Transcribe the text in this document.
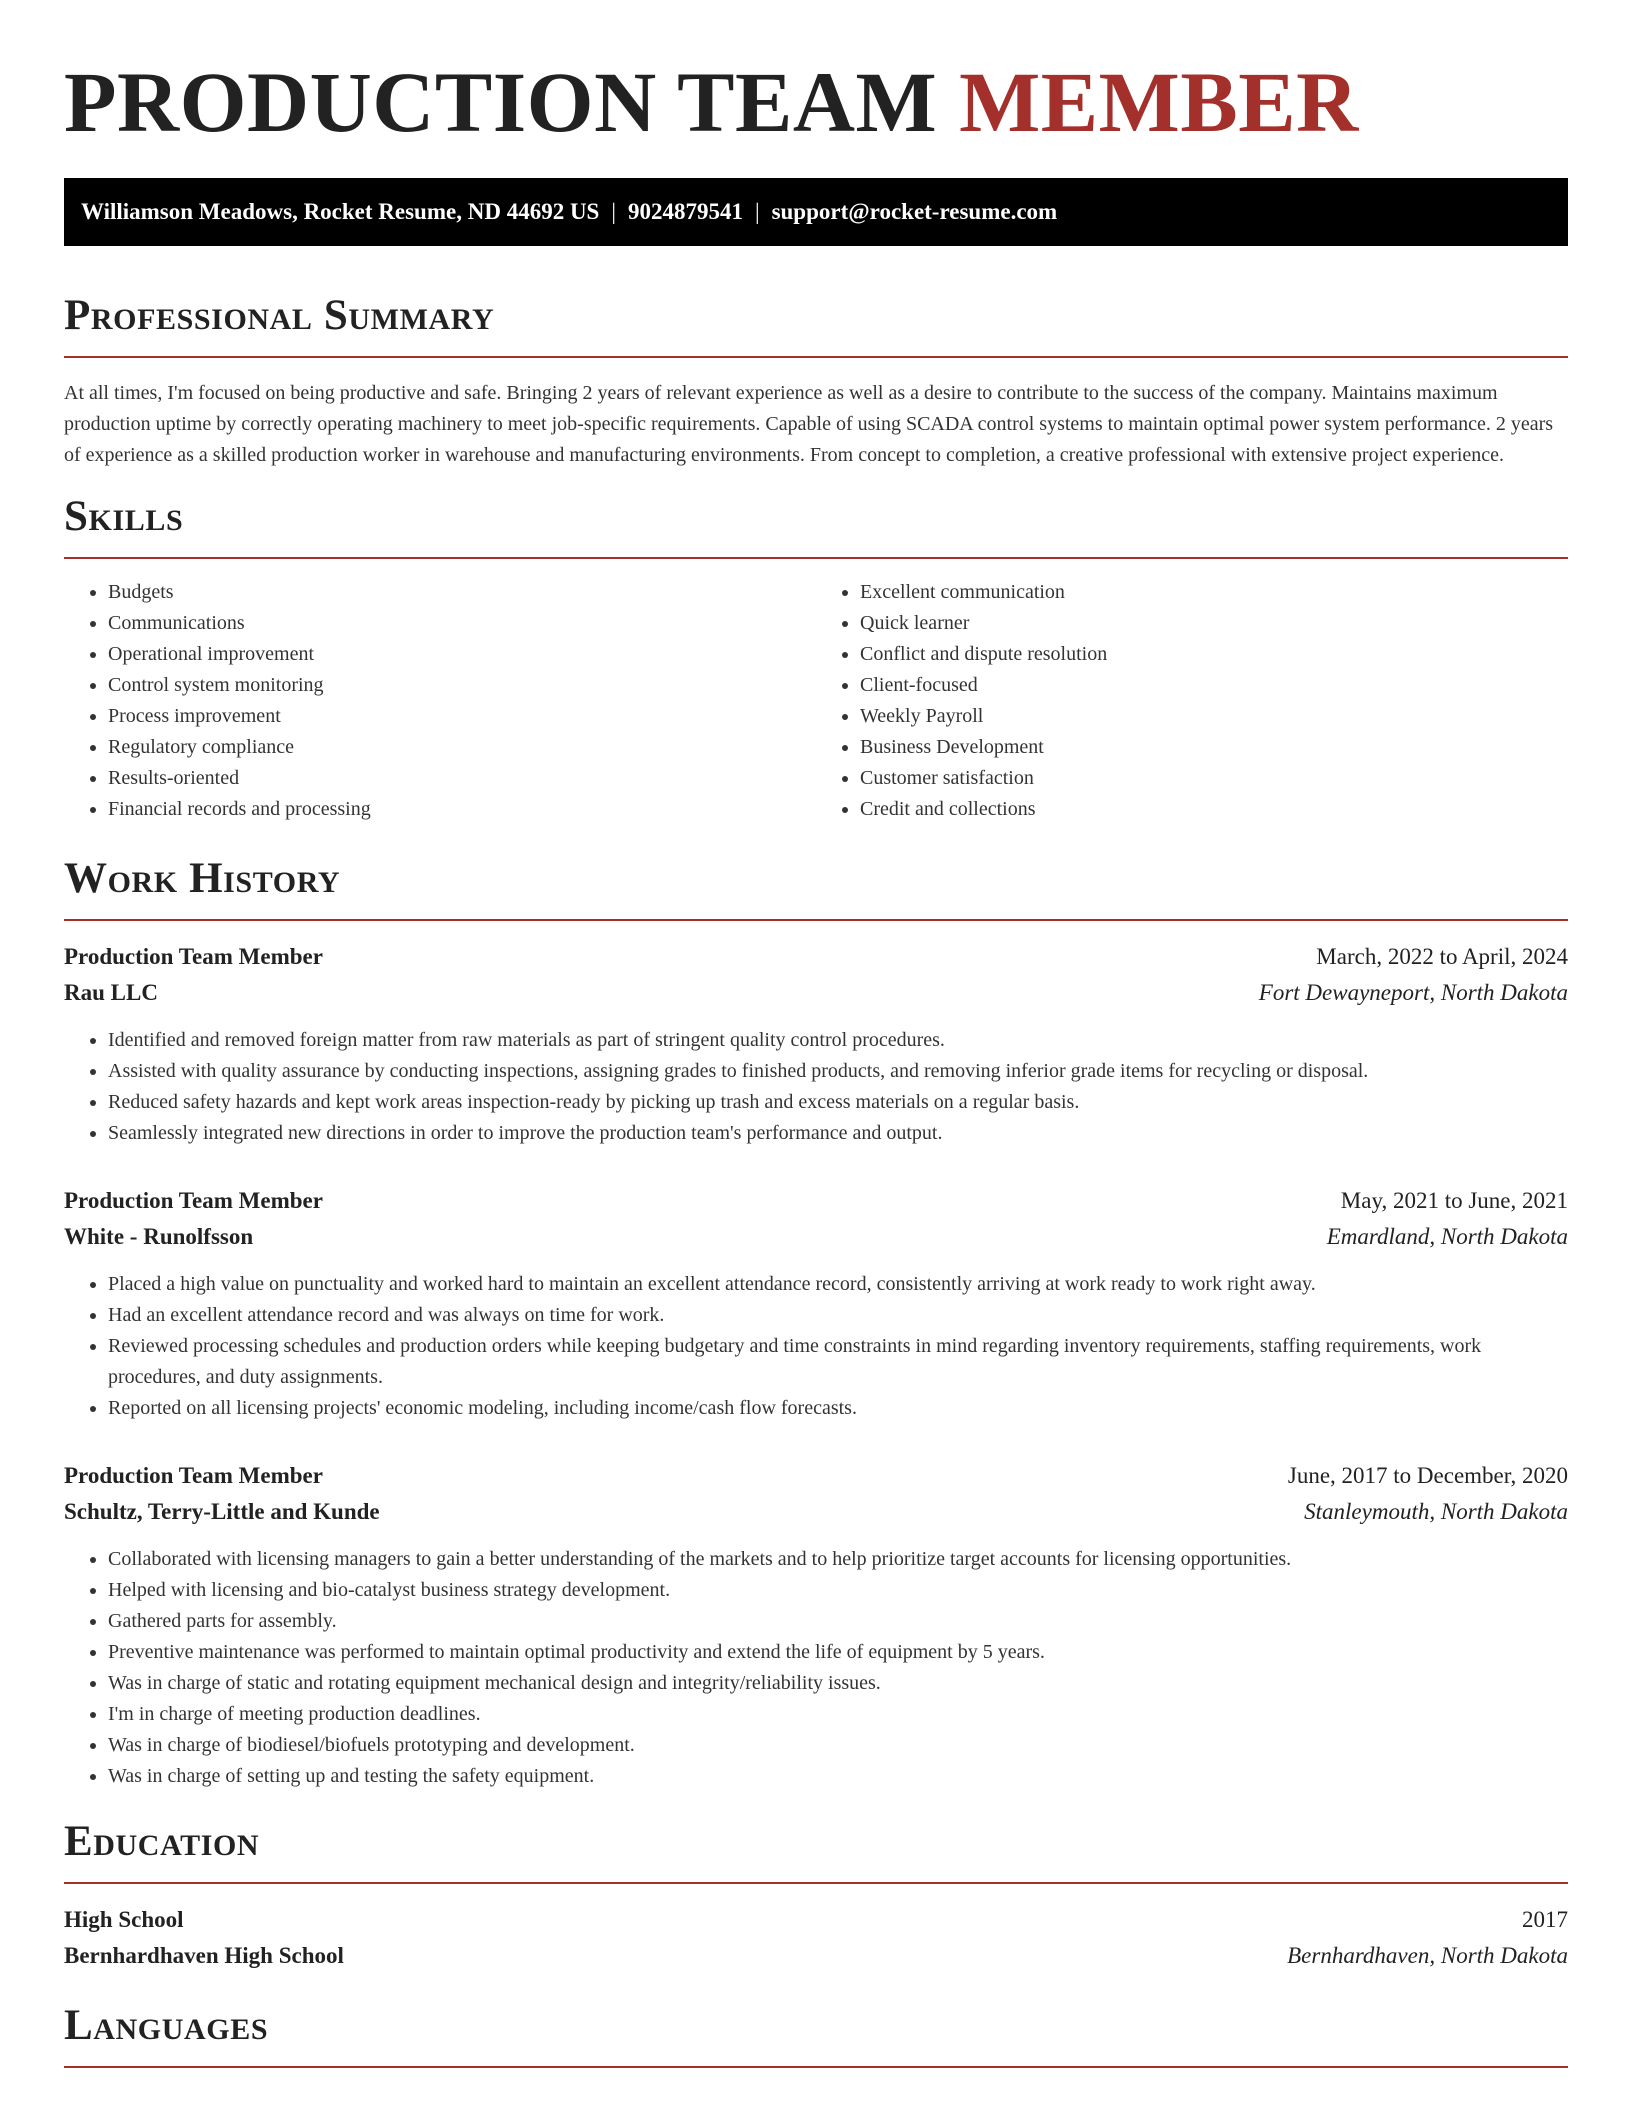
PRODUCTION TEAM MEMBER
Williamson Meadows, Rocket Resume, ND 44692 US | 9024879541 | support@rocket-resume.com
Professional Summary

At all times, I'm focused on being productive and safe. Bringing 2 years of relevant experience as well as a desire to contribute to the success of the company. Maintains maximum production uptime by correctly operating machinery to meet job-specific requirements. Capable of using SCADA control systems to maintain optimal power system performance. 2 years of experience as a skilled production worker in warehouse and manufacturing environments. From concept to completion, a creative professional with extensive project experience.

Skills
• Budgets
• Communications
• Operational improvement
• Control system monitoring
• Process improvement
• Regulatory compliance
• Results-oriented
• Financial records and processing
• Excellent communication
• Quick learner
• Conflict and dispute resolution
• Client-focused
• Weekly Payroll
• Business Development
• Customer satisfaction
• Credit and collections
Work History
Production Team Member	March, 2022 to April, 2024
Rau LLC	Fort Dewayneport, North Dakota
• Identified and removed foreign matter from raw materials as part of stringent quality control procedures.
• Assisted with quality assurance by conducting inspections, assigning grades to finished products, and removing inferior grade items for recycling or disposal.
• Reduced safety hazards and kept work areas inspection-ready by picking up trash and excess materials on a regular basis.
• Seamlessly integrated new directions in order to improve the production team's performance and output.
Production Team Member	May, 2021 to June, 2021
White - Runolfsson	Emardland, North Dakota
• Placed a high value on punctuality and worked hard to maintain an excellent attendance record, consistently arriving at work ready to work right away.
• Had an excellent attendance record and was always on time for work.
• Reviewed processing schedules and production orders while keeping budgetary and time constraints in mind regarding inventory requirements, staffing requirements, work procedures, and duty assignments.
• Reported on all licensing projects' economic modeling, including income/cash flow forecasts.
Production Team Member	June, 2017 to December, 2020
Schultz, Terry-Little and Kunde	Stanleymouth, North Dakota
• Collaborated with licensing managers to gain a better understanding of the markets and to help prioritize target accounts for licensing opportunities.
• Helped with licensing and bio-catalyst business strategy development.
• Gathered parts for assembly.
• Preventive maintenance was performed to maintain optimal productivity and extend the life of equipment by 5 years.
• Was in charge of static and rotating equipment mechanical design and integrity/reliability issues.
• I'm in charge of meeting production deadlines.
• Was in charge of biodiesel/biofuels prototyping and development.
• Was in charge of setting up and testing the safety equipment.
Education
High School	2017
Bernhardhaven High School	Bernhardhaven, North Dakota
Languages
